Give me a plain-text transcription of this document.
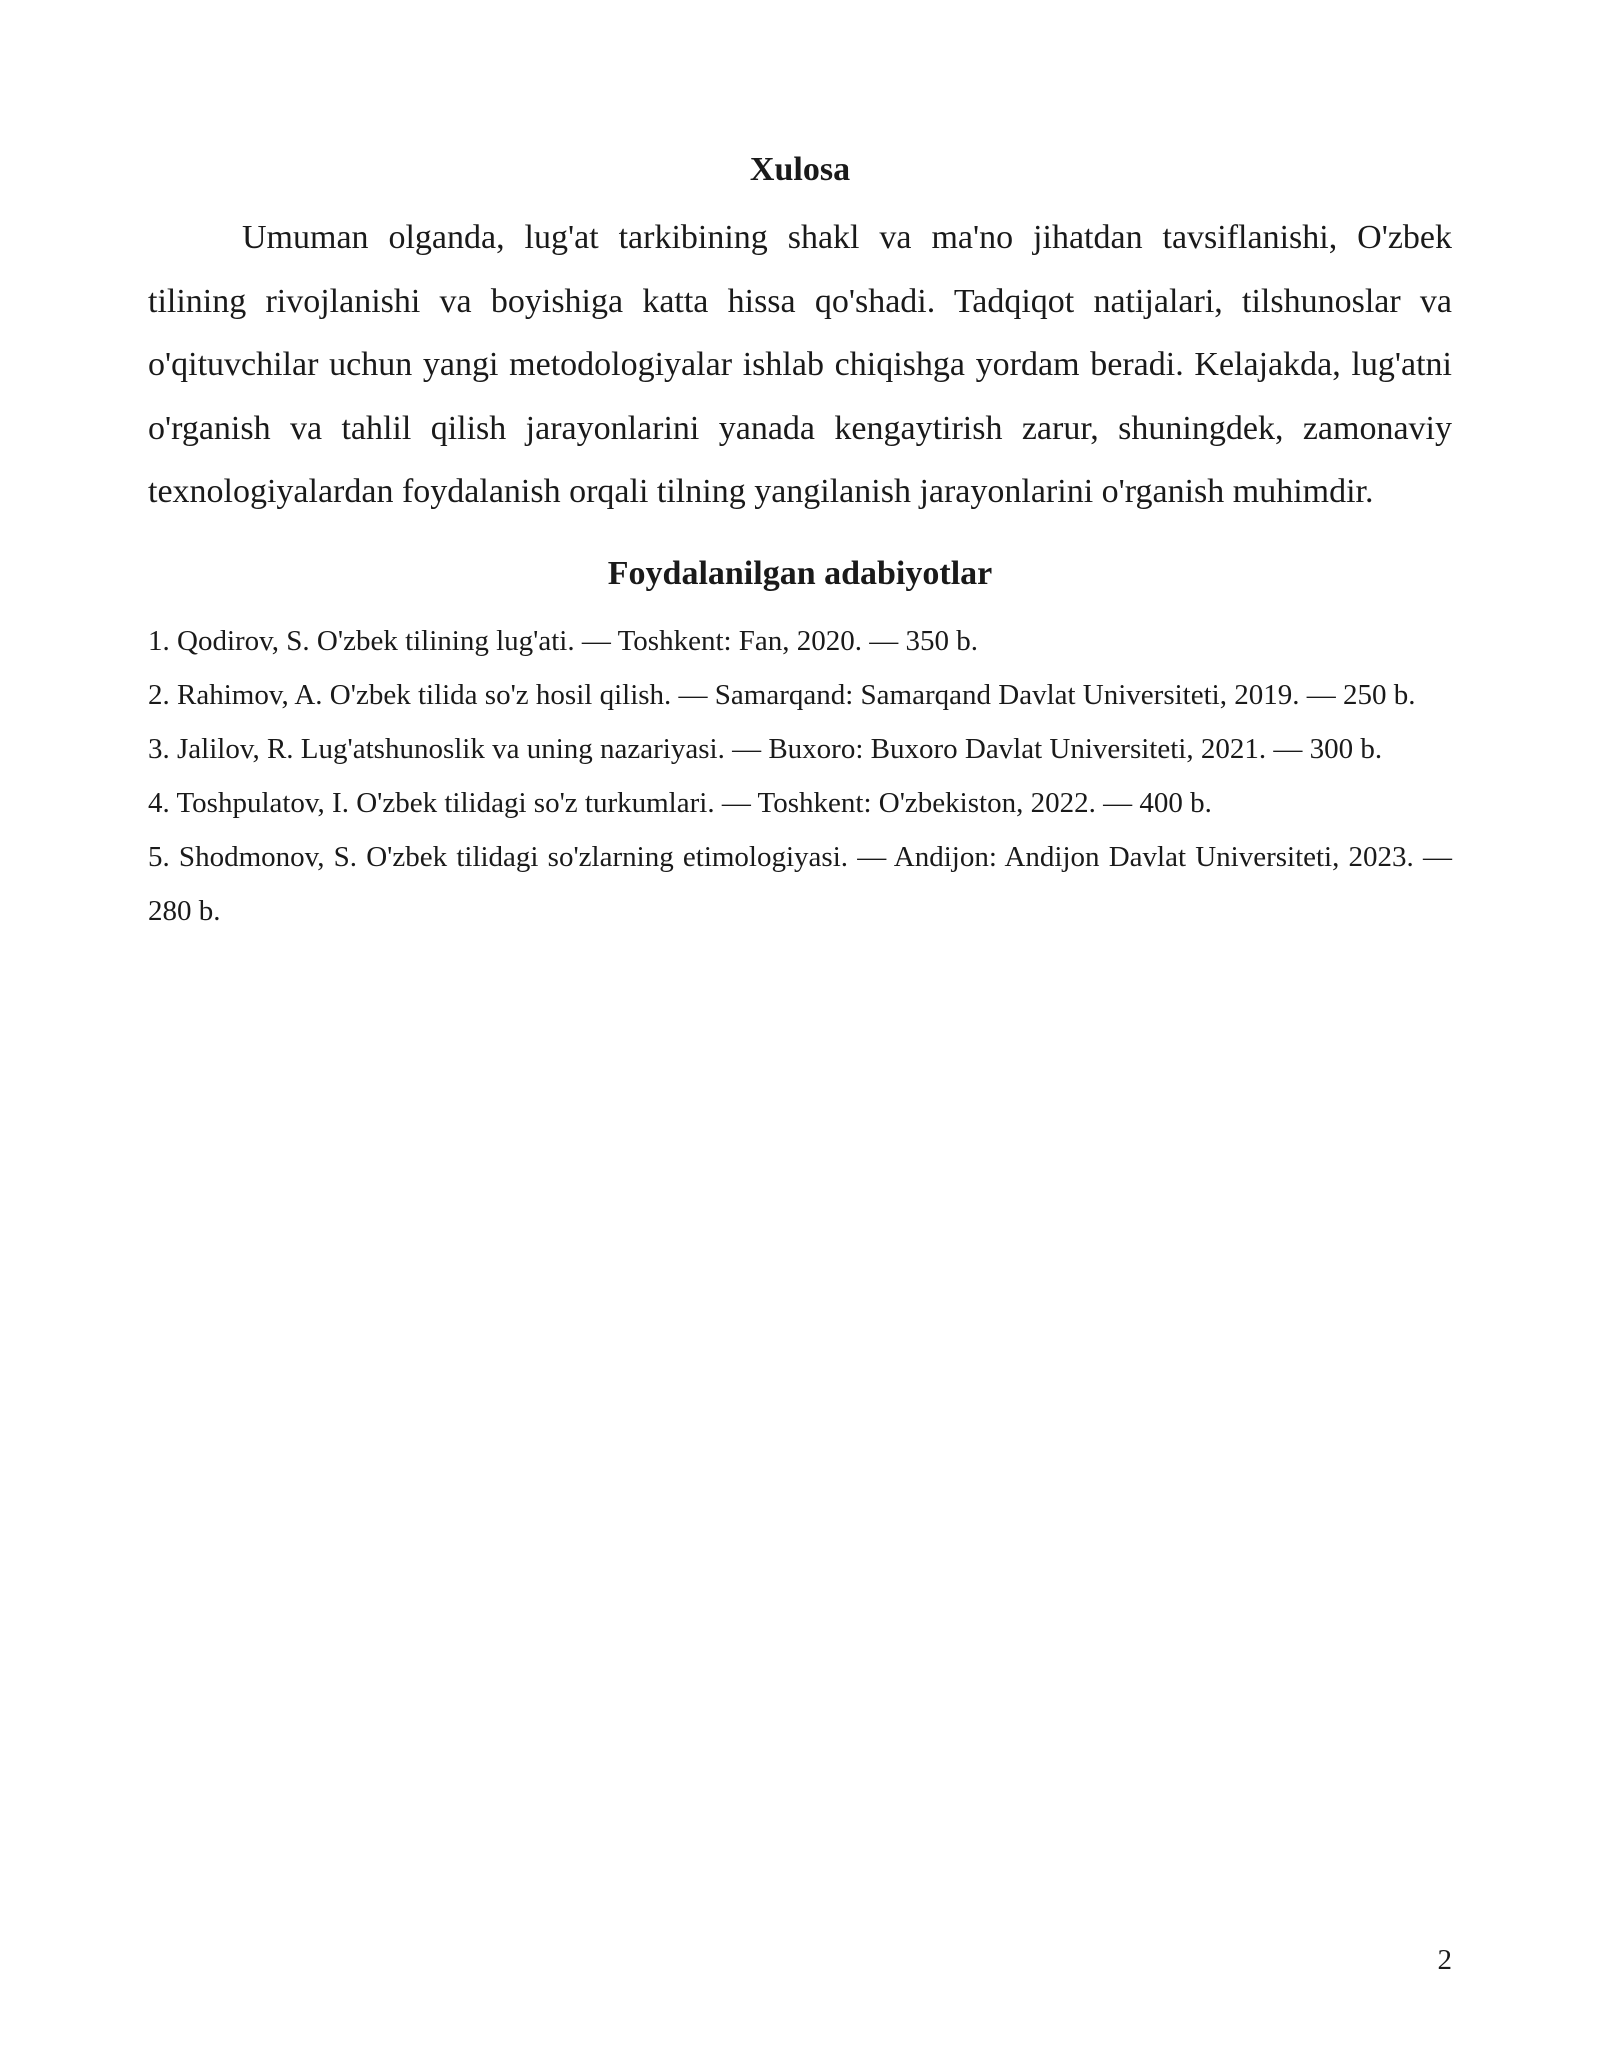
Xulosa

Umuman olganda, lug'at tarkibining shakl va ma'no jihatdan tavsiflanishi, O'zbek tilining rivojlanishi va boyishiga katta hissa qo'shadi. Tadqiqot natijalari, tilshunoslar va o'qituvchilar uchun yangi metodologiyalar ishlab chiqishga yordam beradi. Kelajakda, lug'atni o'rganish va tahlil qilish jarayonlarini yanada kengaytirish zarur, shuningdek, zamonaviy texnologiyalardan foydalanish orqali tilning yangilanish jarayonlarini o'rganish muhimdir.

Foydalanilgan adabiyotlar
1. Qodirov, S. O'zbek tilining lug'ati. — Toshkent: Fan, 2020. — 350 b.
2. Rahimov, A. O'zbek tilida so'z hosil qilish. — Samarqand: Samarqand Davlat Universiteti, 2019. — 250 b.
3. Jalilov, R. Lug'atshunoslik va uning nazariyasi. — Buxoro: Buxoro Davlat Universiteti, 2021. — 300 b.
4. Toshpulatov, I. O'zbek tilidagi so'z turkumlari. — Toshkent: O'zbekiston, 2022. — 400 b.
5. Shodmonov, S. O'zbek tilidagi so'zlarning etimologiyasi. — Andijon: Andijon Davlat Universiteti, 2023. — 280 b.
2
